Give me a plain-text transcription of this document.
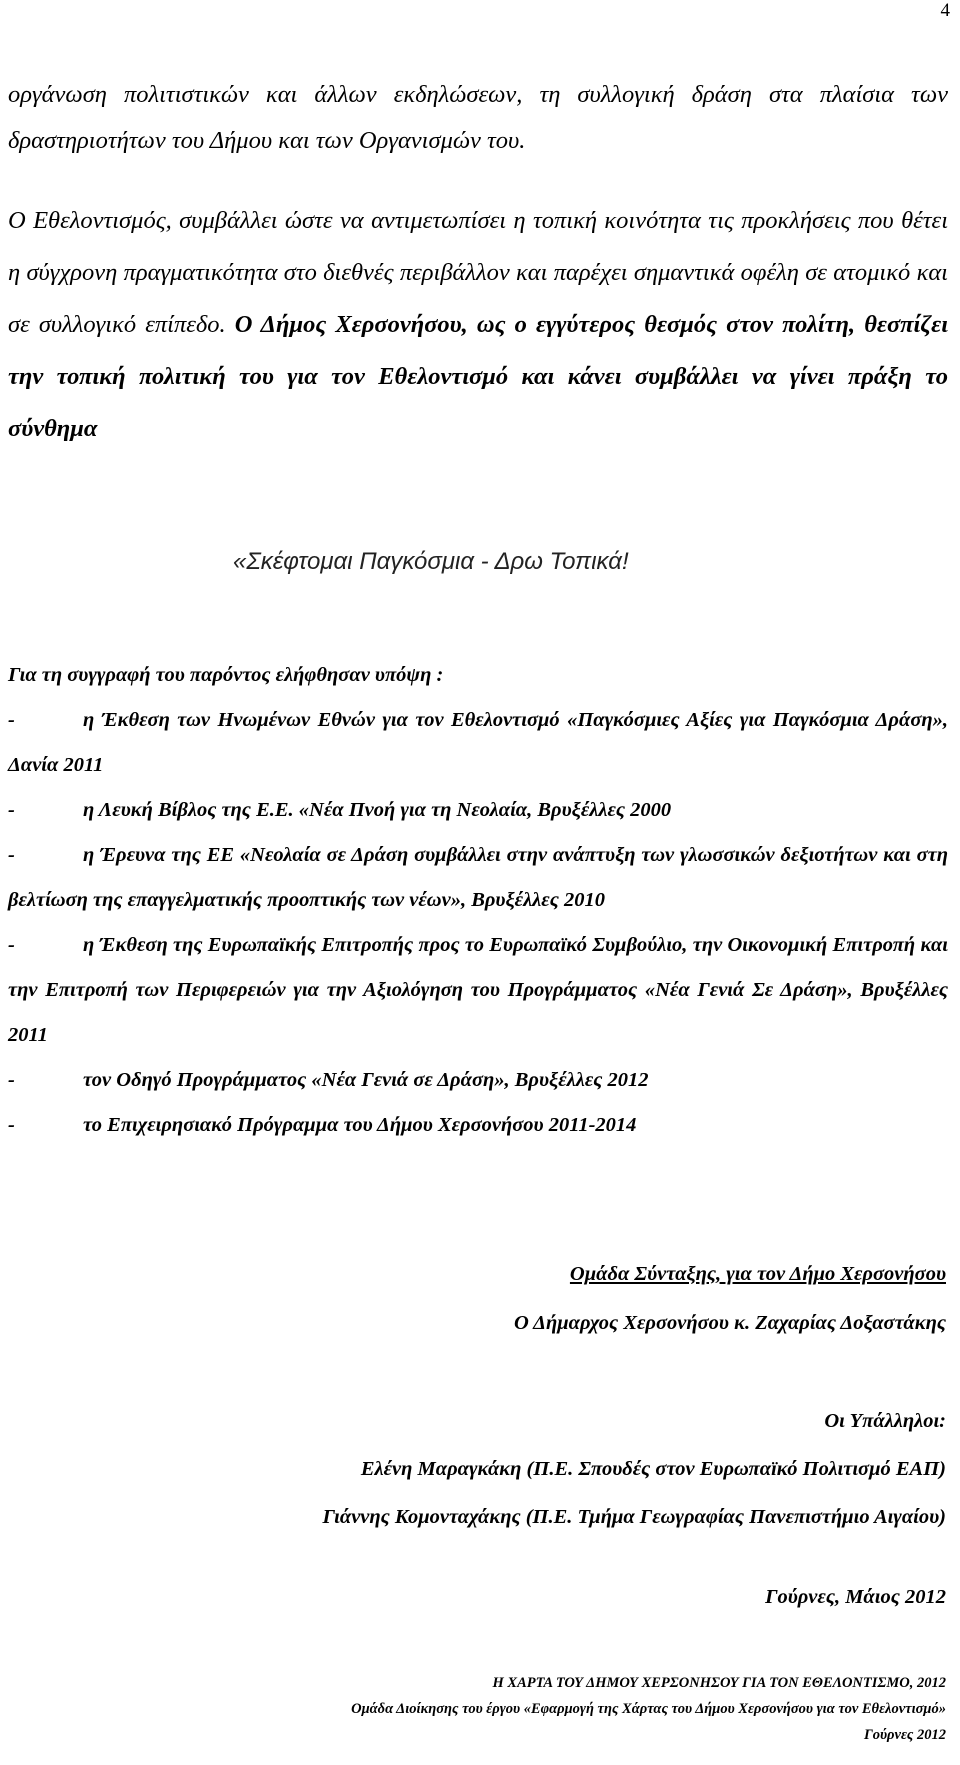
4

οργάνωση πολιτιστικών και άλλων εκδηλώσεων, τη συλλογική δράση στα πλαίσια των δραστηριοτήτων του Δήμου και των Οργανισμών του.

Ο Εθελοντισμός, συμβάλλει ώστε να αντιμετωπίσει η τοπική κοινότητα τις προκλήσεις που θέτει η σύγχρονη πραγματικότητα στο διεθνές περιβάλλον και παρέχει σημαντικά οφέλη σε ατομικό και σε συλλογικό επίπεδο. Ο Δήμος Χερσονήσου, ως ο εγγύτερος θεσμός στον πολίτη, θεσπίζει την τοπική πολιτική του για τον Εθελοντισμό και κάνει συμβάλλει να γίνει πράξη το σύνθημα

«Σκέφτομαι Παγκόσμια - Δρω Τοπικά!
Για τη συγγραφή του παρόντος ελήφθησαν υπόψη :
-	η Έκθεση των Ηνωμένων Εθνών για τον Εθελοντισμό «Παγκόσμιες Αξίες για Παγκόσμια Δράση», Δανία 2011
-	η Λευκή Βίβλος της Ε.Ε. «Νέα Πνοή για τη Νεολαία, Βρυξέλλες 2000
-	η Έρευνα της ΕΕ «Νεολαία σε Δράση συμβάλλει στην ανάπτυξη των γλωσσικών δεξιοτήτων και στη βελτίωση της επαγγελματικής προοπτικής των νέων», Βρυξέλλες 2010
-	η Έκθεση της Ευρωπαϊκής Επιτροπής προς το Ευρωπαϊκό Συμβούλιο, την Οικονομική Επιτροπή και την Επιτροπή των Περιφερειών για την Αξιολόγηση του Προγράμματος «Νέα Γενιά Σε Δράση», Βρυξέλλες 2011
-	τον Οδηγό Προγράμματος «Νέα Γενιά σε Δράση», Βρυξέλλες 2012
-	το Επιχειρησιακό Πρόγραμμα του Δήμου Χερσονήσου 2011-2014
Ομάδα Σύνταξης, για τον Δήμο Χερσονήσου
Ο Δήμαρχος Χερσονήσου κ. Ζαχαρίας Δοξαστάκης
Οι Υπάλληλοι:
Ελένη Μαραγκάκη (Π.Ε. Σπουδές στον Ευρωπαϊκό Πολιτισμό ΕΑΠ)
Γιάννης Κομονταχάκης (Π.Ε. Τμήμα Γεωγραφίας Πανεπιστήμιο Αιγαίου)
Γούρνες, Μάιος 2012
Η ΧΑΡΤΑ ΤΟΥ ΔΗΜΟΥ ΧΕΡΣΟΝΗΣΟΥ ΓΙΑ ΤΟΝ ΕΘΕΛΟΝΤΙΣΜΟ, 2012
Ομάδα Διοίκησης του έργου «Εφαρμογή της Χάρτας του Δήμου Χερσονήσου για τον Εθελοντισμό»
Γούρνες 2012
